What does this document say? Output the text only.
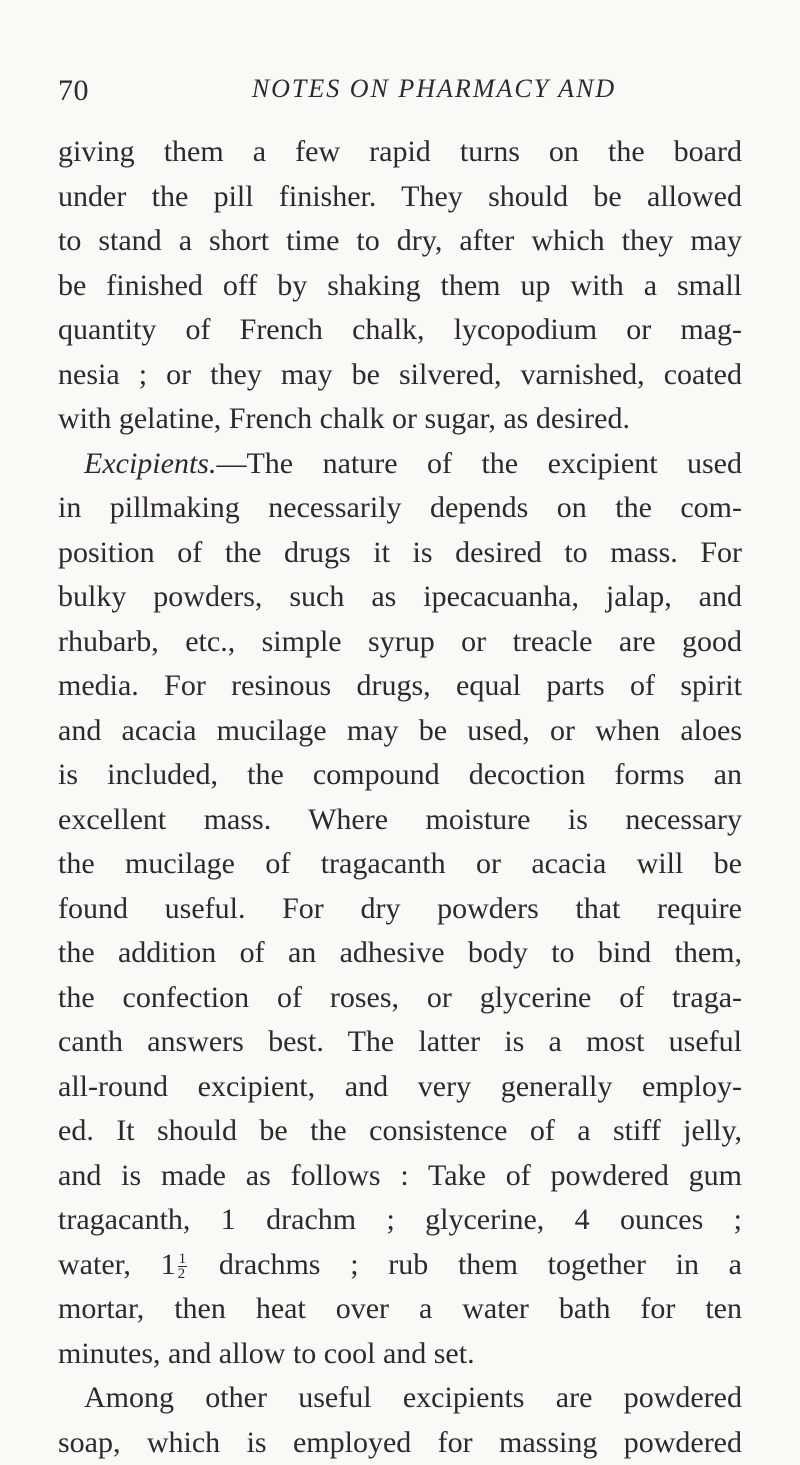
70	NOTES ON PHARMACY AND
giving them a few rapid turns on the board
under the pill finisher. They should be allowed
to stand a short time to dry, after which they may
be finished off by shaking them up with a small
quantity of French chalk, lycopodium or mag-
nesia ; or they may be silvered, varnished, coated
with gelatine, French chalk or sugar, as desired.
Excipients.—The nature of the excipient used
in pillmaking necessarily depends on the com-
position of the drugs it is desired to mass. For
bulky powders, such as ipecacuanha, jalap, and
rhubarb, etc., simple syrup or treacle are good
media. For resinous drugs, equal parts of spirit
and acacia mucilage may be used, or when aloes
is included, the compound decoction forms an
excellent mass. Where moisture is necessary
the mucilage of tragacanth or acacia will be
found useful. For dry powders that require
the addition of an adhesive body to bind them,
the confection of roses, or glycerine of traga-
canth answers best. The latter is a most useful
all-round excipient, and very generally employ-
ed. It should be the consistence of a stiff jelly,
and is made as follows : Take of powdered gum
tragacanth, 1 drachm ; glycerine, 4 ounces ;
water, $1 \frac{1}{2}$ drachms ; rub them together in a
mortar, then heat over a water bath for ten
minutes, and allow to cool and set.
Among other useful excipients are powdered
soap, which is employed for massing powdered
